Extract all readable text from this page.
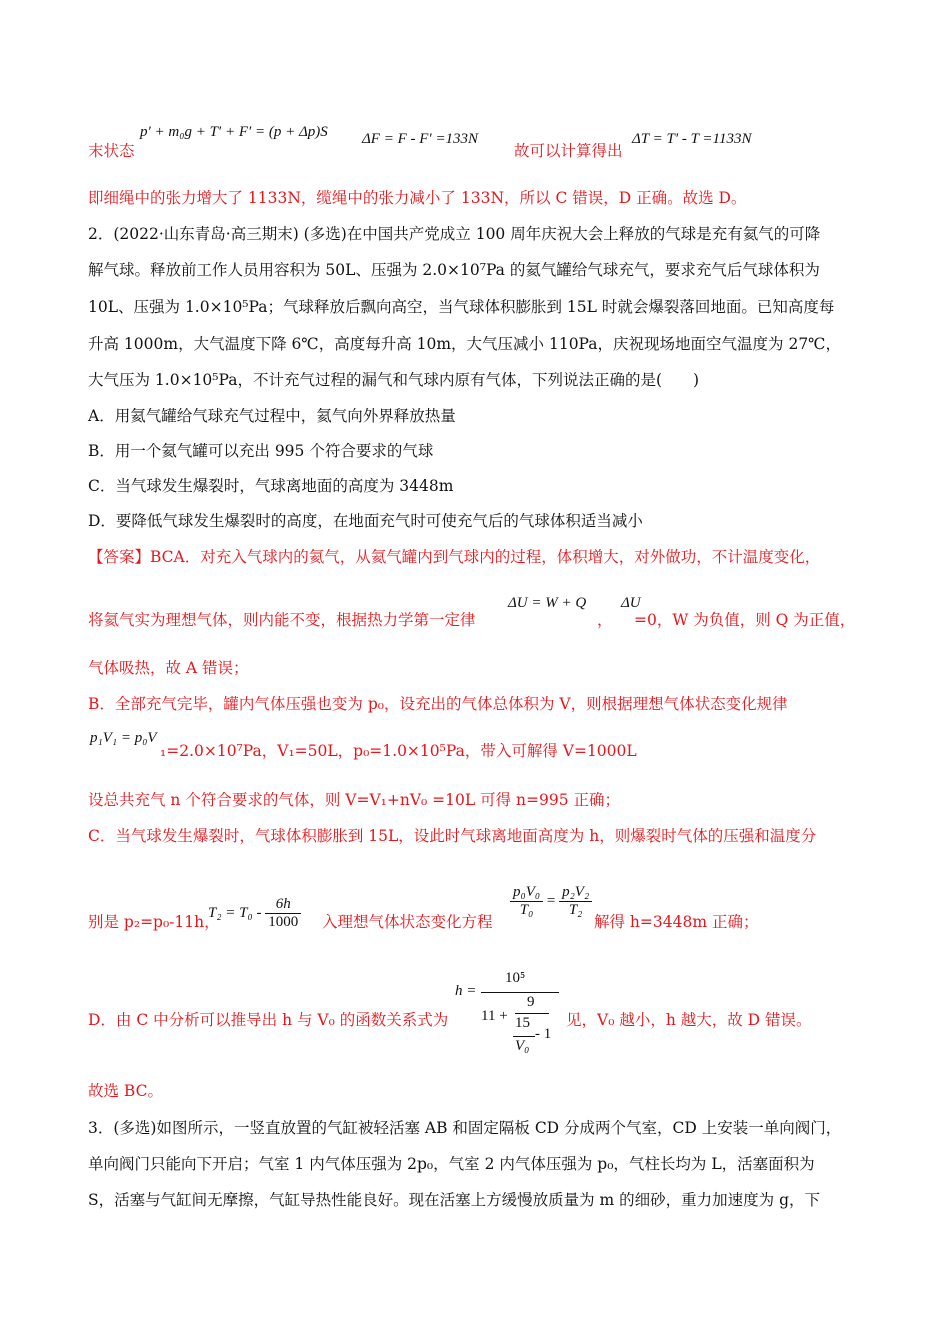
末状态
p′ + m₀g + T′ + F′ = (p + Δp)S ΔF = F - F′ =133N
故可以计算得出
ΔT = T′ - T =1133N
即细绳中的张力增大了 1133N，缆绳中的张力减小了 133N，所以 C 错误，D 正确。故选 D。
2．(2022·山东青岛·高三期末) (多选)在中国共产党成立 100 周年庆祝大会上释放的气球是充有氦气的可降
解气球。释放前工作人员用容积为 50L、压强为 2.0×10⁷Pa 的氦气罐给气球充气，要求充气后气球体积为
10L、压强为 1.0×10⁵Pa；气球释放后飘向高空，当气球体积膨胀到 15L 时就会爆裂落回地面。已知高度每
升高 1000m，大气温度下降 6℃，高度每升高 10m，大气压减小 110Pa，庆祝现场地面空气温度为 27℃，
大气压为 1.0×10⁵Pa，不计充气过程的漏气和气球内原有气体，下列说法正确的是(　　)
A．用氦气罐给气球充气过程中，氦气向外界释放热量
B．用一个氦气罐可以充出 995 个符合要求的气球
C．当气球发生爆裂时，气球离地面的高度为 3448m
D．要降低气球发生爆裂时的高度，在地面充气时可使充气后的气球体积适当减小
【答案】BCA．对充入气球内的氦气，从氦气罐内到气球内的过程，体积增大，对外做功，不计温度变化，
将氦气实为理想气体，则内能不变，根据热力学第一定律
ΔU = W + Q
，
ΔU
=0，W 为负值，则 Q 为正值，
气体吸热，故 A 错误；
B．全部充气完毕，罐内气体压强也变为 p₀，设充出的气体总体积为 V，则根据理想气体状态变化规律
p₁V₁ = p₀V
₁=2.0×10⁷Pa，V₁=50L，p₀=1.0×10⁵Pa，带入可解得 V=1000L
设总共充气 n 个符合要求的气体，则 V=V₁+nV₀ =10L 可得 n=995 正确；
C．当气球发生爆裂时，气球体积膨胀到 15L，设此时气球离地面高度为 h，则爆裂时气体的压强和温度分
别是 p₂=p₀-11h，
$T_2 = T_0 - \frac{6h}{1000}$ 入理想气体状态变化方程
$\frac{\text{p₀V₀}}{\text{T₀}} = \frac{\text{p₂V₂}}{\text{T₂}}$
解得 h=3448m 正确；
D．由 C 中分析可以推导出 h 与 V₀ 的函数关系式为
h =
10⁵
11 +
9
15
- 1
V₀
见，V₀ 越小，h 越大，故 D 错误。
故选 BC。
3．(多选)如图所示，一竖直放置的气缸被轻活塞 AB 和固定隔板 CD 分成两个气室，CD 上安装一单向阀门，
单向阀门只能向下开启；气室 1 内气体压强为 2p₀，气室 2 内气体压强为 p₀，气柱长均为 L，活塞面积为
S，活塞与气缸间无摩擦，气缸导热性能良好。现在活塞上方缓慢放质量为 m 的细砂，重力加速度为 g，下
